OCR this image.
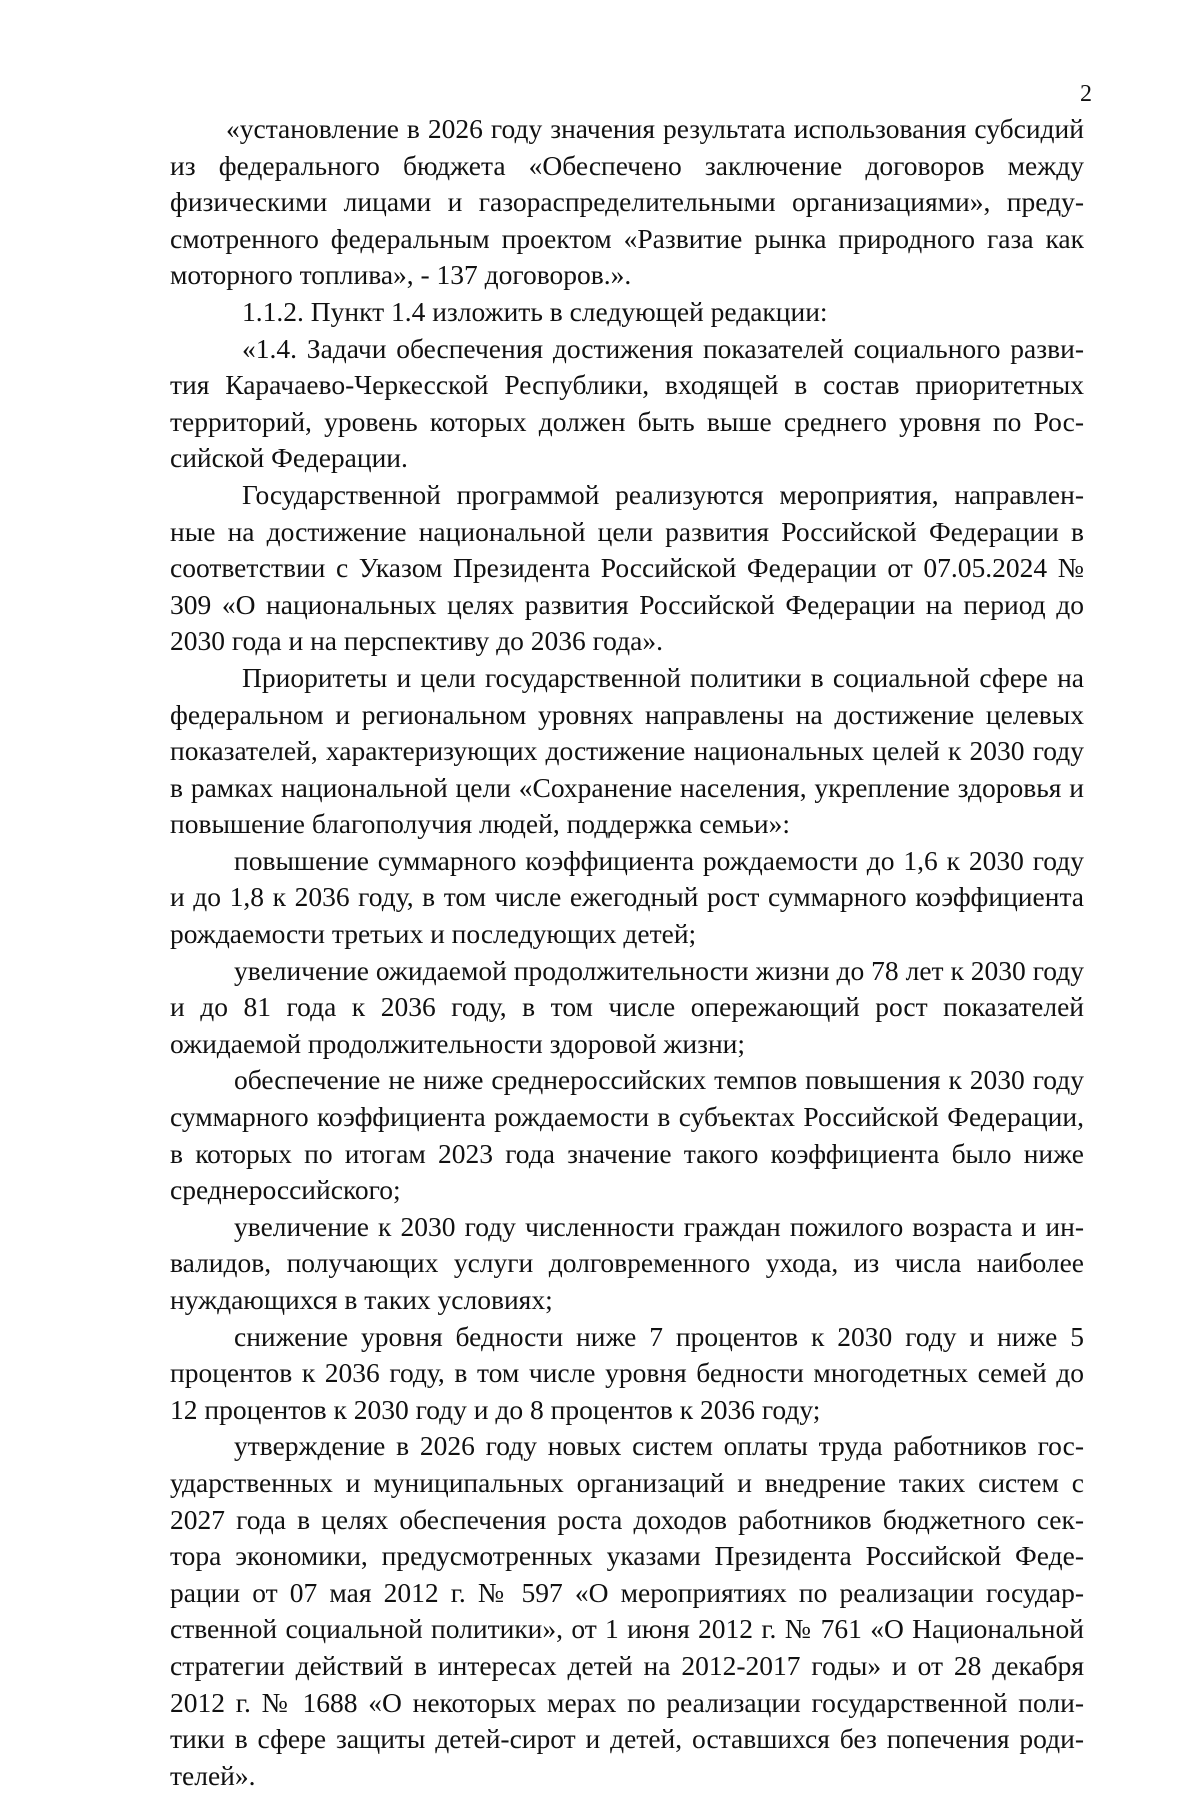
2

«установление в 2026 году значения результата использования субсидий из федерального бюджета «Обеспечено заключение договоров между физическими лицами и газораспределительными организациями», предусмотренного федеральным проектом «Развитие рынка природного газа как моторного топлива», - 137 договоров.».

1.1.2. Пункт 1.4 изложить в следующей редакции:

«1.4. Задачи обеспечения достижения показателей социального развития Карачаево-Черкесской Республики, входящей в состав приоритетных территорий, уровень которых должен быть выше среднего уровня по Российской Федерации.

Государственной программой реализуются мероприятия, направленные на достижение национальной цели развития Российской Федерации в соответствии с Указом Президента Российской Федерации от 07.05.2024 № 309 «О национальных целях развития Российской Федерации на период до 2030 года и на перспективу до 2036 года».

Приоритеты и цели государственной политики в социальной сфере на федеральном и региональном уровнях направлены на достижение целевых показателей, характеризующих достижение национальных целей к 2030 году в рамках национальной цели «Сохранение населения, укрепление здоровья и повышение благополучия людей, поддержка семьи»:

повышение суммарного коэффициента рождаемости до 1,6 к 2030 году и до 1,8 к 2036 году, в том числе ежегодный рост суммарного коэффициента рождаемости третьих и последующих детей;

увеличение ожидаемой продолжительности жизни до 78 лет к 2030 году и до 81 года к 2036 году, в том числе опережающий рост показателей ожидаемой продолжительности здоровой жизни;

обеспечение не ниже среднероссийских темпов повышения к 2030 году суммарного коэффициента рождаемости в субъектах Российской Федерации, в которых по итогам 2023 года значение такого коэффициента было ниже среднероссийского;

увеличение к 2030 году численности граждан пожилого возраста и инвалидов, получающих услуги долговременного ухода, из числа наиболее нуждающихся в таких условиях;

снижение уровня бедности ниже 7 процентов к 2030 году и ниже 5 процентов к 2036 году, в том числе уровня бедности многодетных семей до 12 процентов к 2030 году и до 8 процентов к 2036 году;

утверждение в 2026 году новых систем оплаты труда работников государственных и муниципальных организаций и внедрение таких систем с 2027 года в целях обеспечения роста доходов работников бюджетного сектора экономики, предусмотренных указами Президента Российской Федерации от 07 мая 2012 г. № 597 «О мероприятиях по реализации государственной социальной политики», от 1 июня 2012 г. № 761 «О Национальной стратегии действий в интересах детей на 2012-2017 годы» и от 28 декабря 2012 г. № 1688 «О некоторых мерах по реализации государственной политики в сфере защиты детей-сирот и детей, оставшихся без попечения родителей».
